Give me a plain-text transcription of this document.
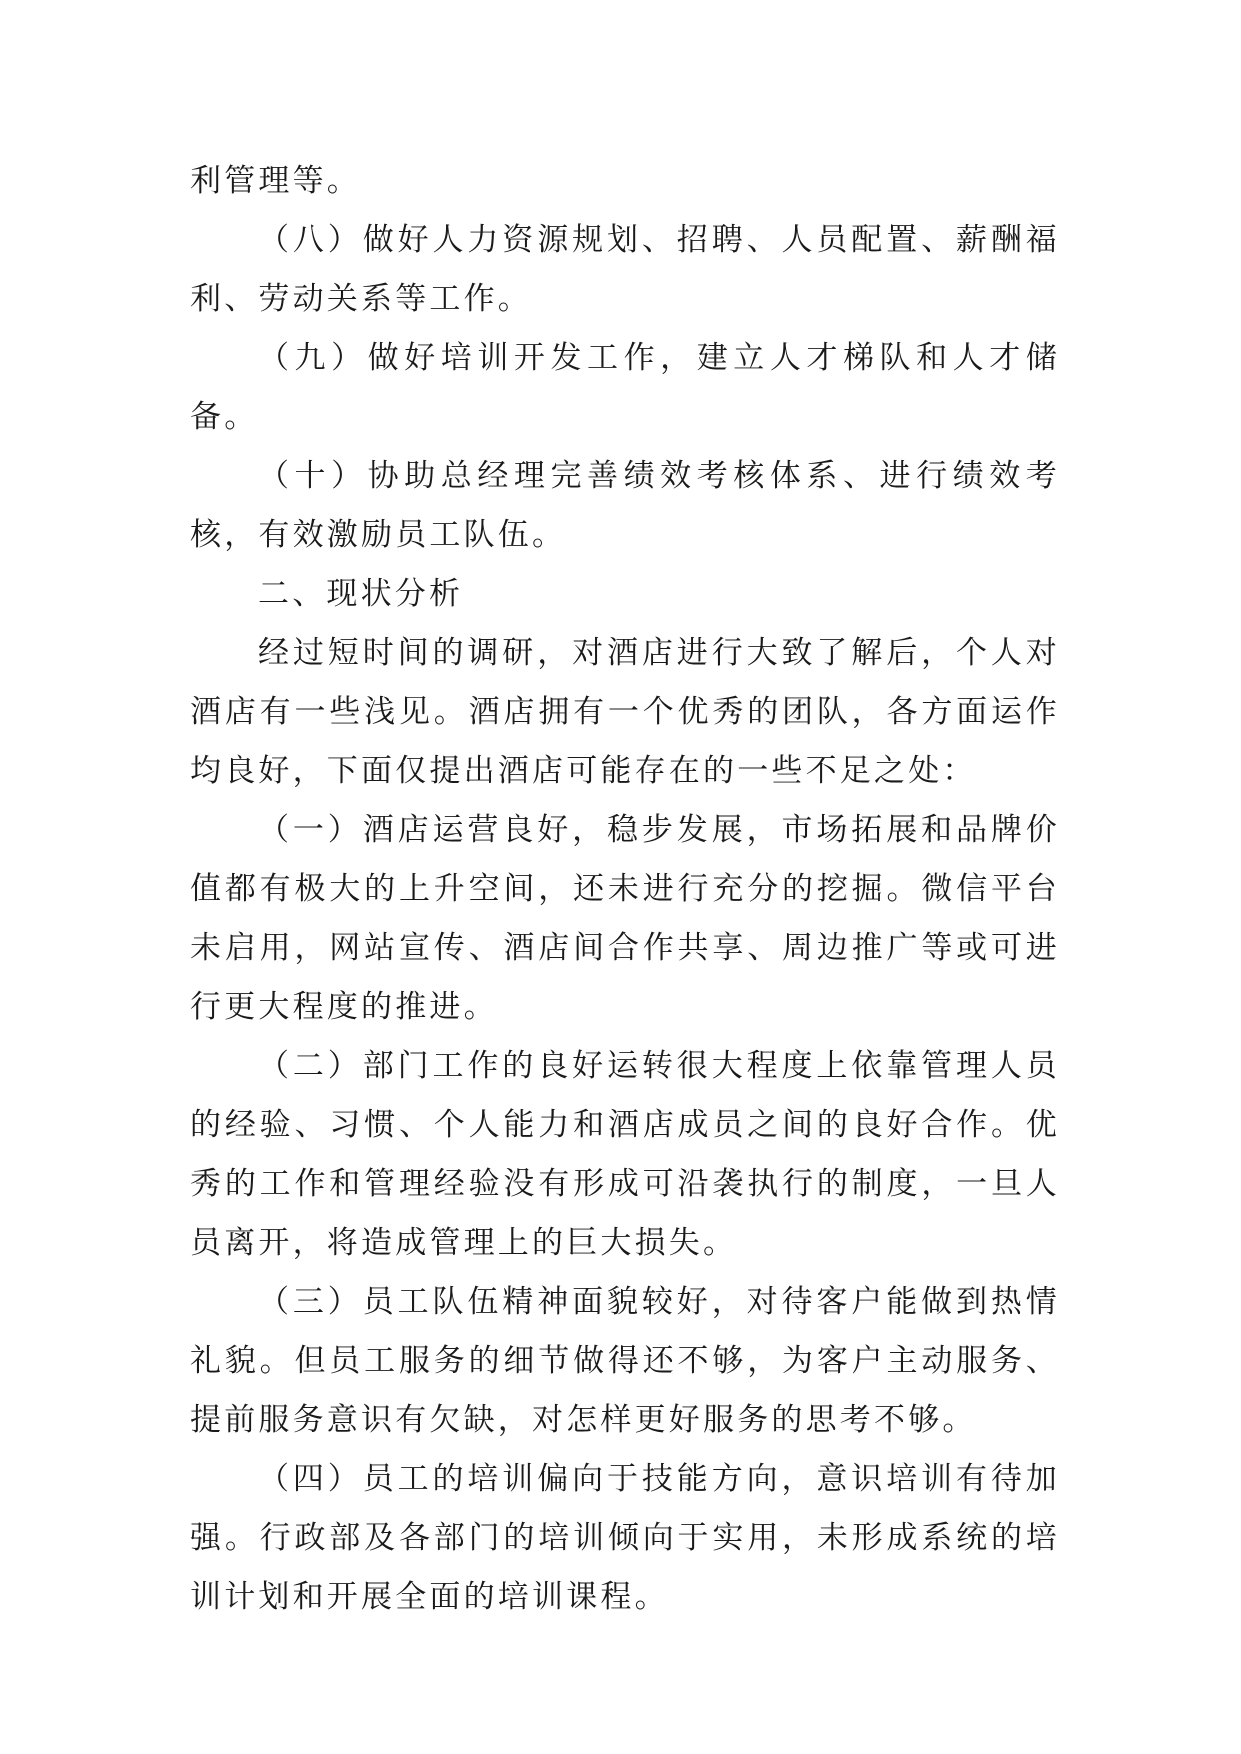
利管理等。

（八）做好人力资源规划、招聘、人员配置、薪酬福利、劳动关系等工作。

（九）做好培训开发工作，建立人才梯队和人才储备。

（十）协助总经理完善绩效考核体系、进行绩效考核，有效激励员工队伍。

二、现状分析

经过短时间的调研，对酒店进行大致了解后，个人对酒店有一些浅见。酒店拥有一个优秀的团队，各方面运作均良好，下面仅提出酒店可能存在的一些不足之处：

（一）酒店运营良好，稳步发展，市场拓展和品牌价值都有极大的上升空间，还未进行充分的挖掘。微信平台未启用，网站宣传、酒店间合作共享、周边推广等或可进行更大程度的推进。

（二）部门工作的良好运转很大程度上依靠管理人员的经验、习惯、个人能力和酒店成员之间的良好合作。优秀的工作和管理经验没有形成可沿袭执行的制度，一旦人员离开，将造成管理上的巨大损失。

（三）员工队伍精神面貌较好，对待客户能做到热情礼貌。但员工服务的细节做得还不够，为客户主动服务、提前服务意识有欠缺，对怎样更好服务的思考不够。

（四）员工的培训偏向于技能方向，意识培训有待加强。行政部及各部门的培训倾向于实用，未形成系统的培训计划和开展全面的培训课程。
